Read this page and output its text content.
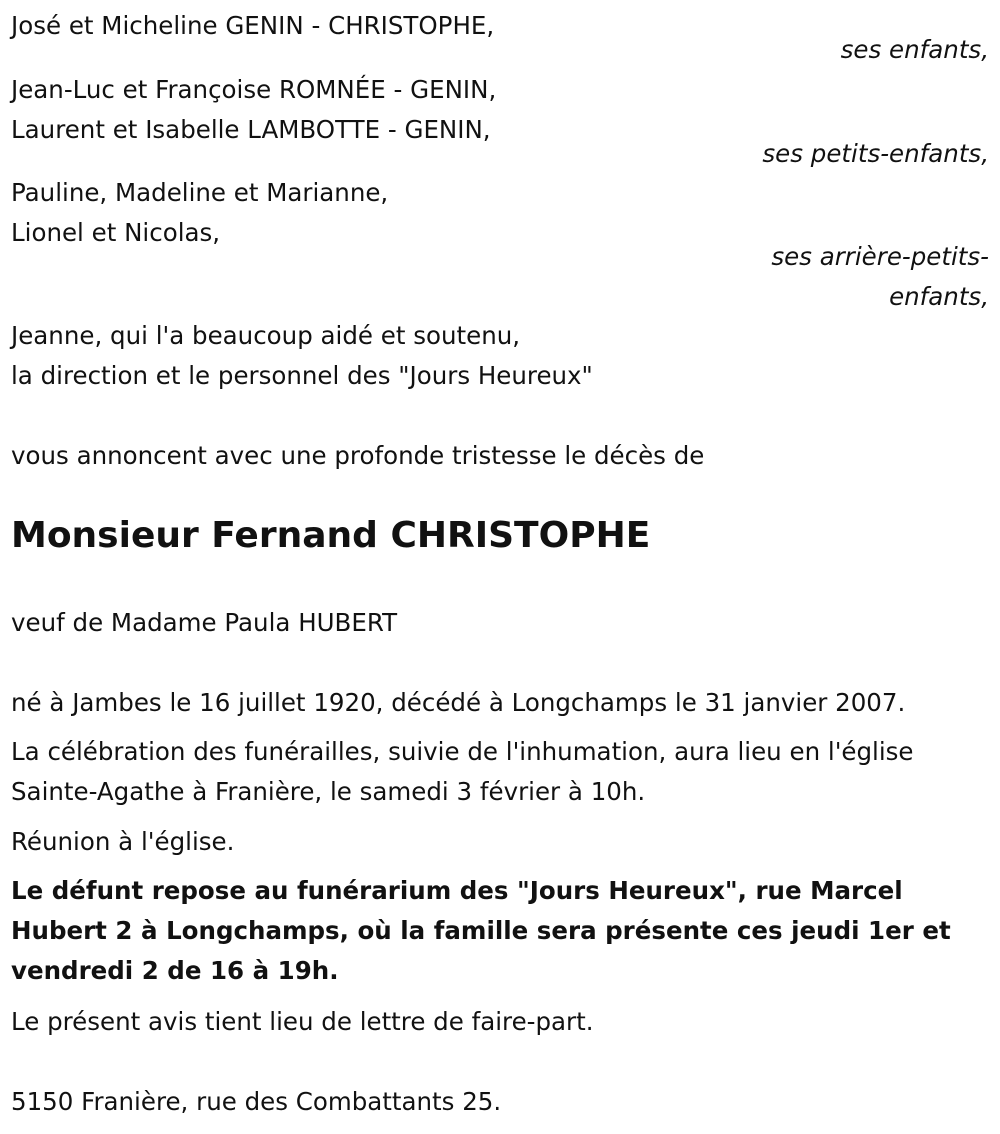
José et Micheline GENIN - CHRISTOPHE,
ses enfants,
Jean-Luc et Françoise ROMNÉE - GENIN,
Laurent et Isabelle LAMBOTTE - GENIN,
ses petits-enfants,
Pauline, Madeline et Marianne,
Lionel et Nicolas,
ses arrière-petits-
enfants,
Jeanne, qui l'a beaucoup aidé et soutenu,
la direction et le personnel des "Jours Heureux"
vous annoncent avec une profonde tristesse le décès de
Monsieur Fernand CHRISTOPHE
veuf de Madame Paula HUBERT
né à Jambes le 16 juillet 1920, décédé à Longchamps le 31 janvier 2007.
La célébration des funérailles, suivie de l'inhumation, aura lieu en l'église
Sainte-Agathe à Franière, le samedi 3 février à 10h.
Réunion à l'église.
Le défunt repose au funérarium des "Jours Heureux", rue Marcel
Hubert 2 à Longchamps, où la famille sera présente ces jeudi 1er et
vendredi 2 de 16 à 19h.
Le présent avis tient lieu de lettre de faire-part.
5150 Franière, rue des Combattants 25.
